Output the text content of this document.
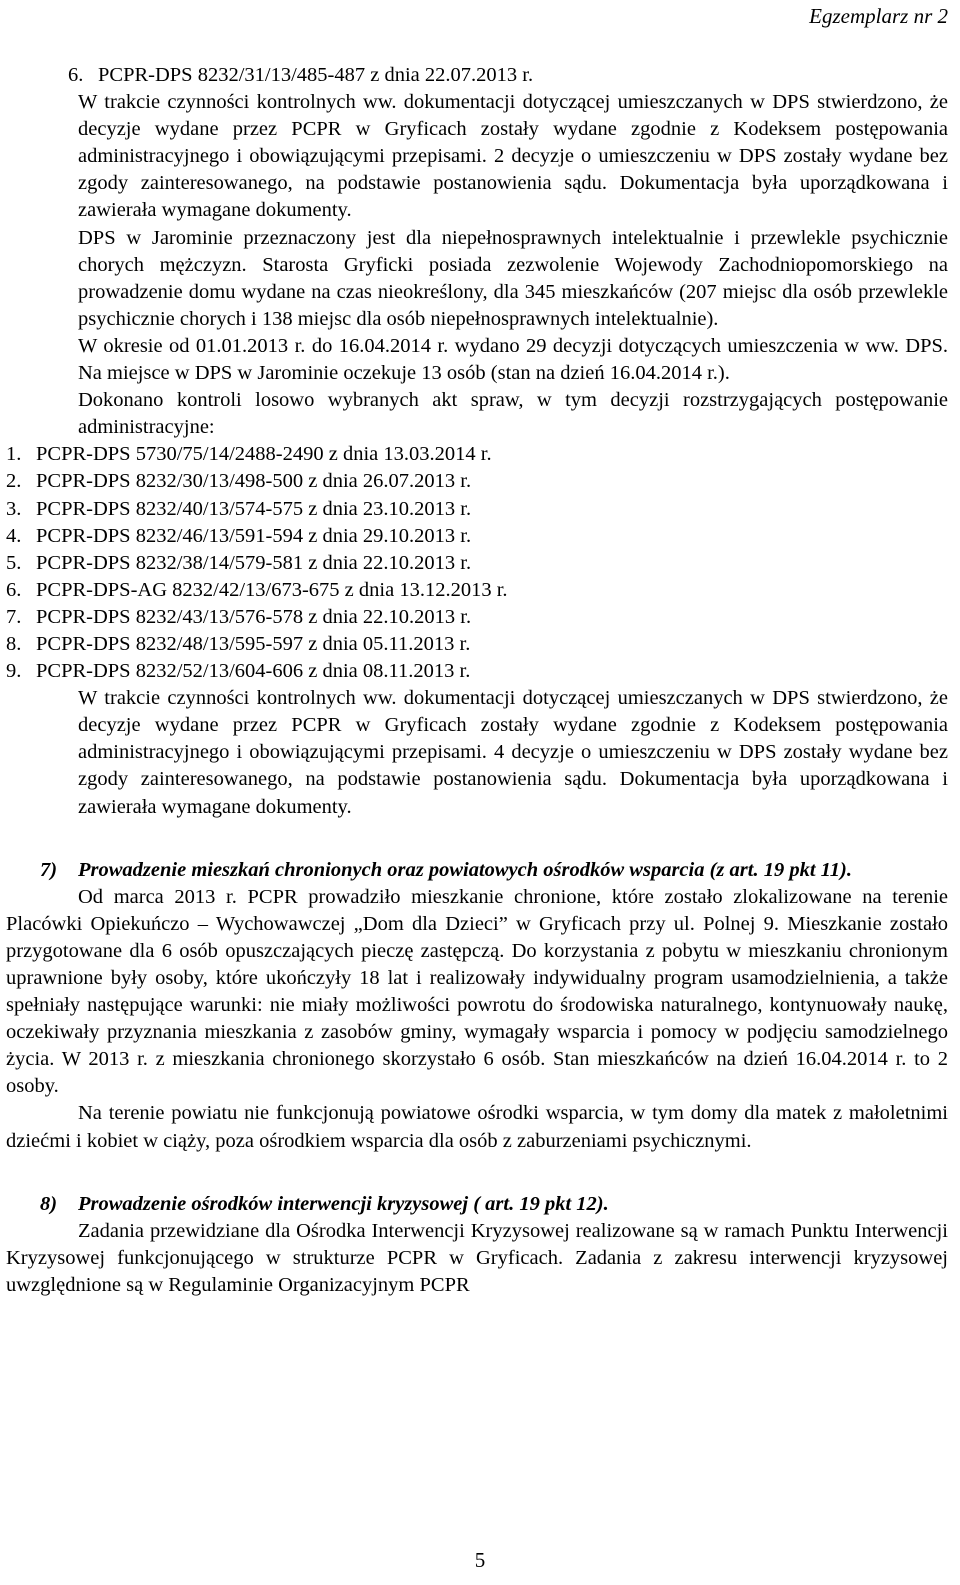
Egzemplarz nr 2
6. PCPR-DPS 8232/31/13/485-487 z dnia 22.07.2013 r.

W trakcie czynności kontrolnych ww. dokumentacji dotyczącej umieszczanych w DPS stwierdzono, że decyzje wydane przez PCPR w Gryficach zostały wydane zgodnie z Kodeksem postępowania administracyjnego i obowiązującymi przepisami. 2 decyzje o umieszczeniu w DPS zostały wydane bez zgody zainteresowanego, na podstawie postanowienia sądu. Dokumentacja była uporządkowana i zawierała wymagane dokumenty.

DPS w Jarominie przeznaczony jest dla niepełnosprawnych intelektualnie i przewlekle psychicznie chorych mężczyzn. Starosta Gryficki posiada zezwolenie Wojewody Zachodniopomorskiego na prowadzenie domu wydane na czas nieokreślony, dla 345 mieszkańców (207 miejsc dla osób przewlekle psychicznie chorych i 138 miejsc dla osób niepełnosprawnych intelektualnie).

W okresie od 01.01.2013 r. do 16.04.2014 r. wydano 29 decyzji dotyczących umieszczenia w ww. DPS. Na miejsce w DPS w Jarominie oczekuje 13 osób (stan na dzień 16.04.2014 r.).

Dokonano kontroli losowo wybranych akt spraw, w tym decyzji rozstrzygających postępowanie administracyjne:

1. PCPR-DPS 5730/75/14/2488-2490 z dnia 13.03.2014 r.
2. PCPR-DPS 8232/30/13/498-500 z dnia 26.07.2013 r.
3. PCPR-DPS 8232/40/13/574-575 z dnia 23.10.2013 r.
4. PCPR-DPS 8232/46/13/591-594 z dnia 29.10.2013 r.
5. PCPR-DPS 8232/38/14/579-581 z dnia 22.10.2013 r.
6. PCPR-DPS-AG 8232/42/13/673-675 z dnia 13.12.2013 r.
7. PCPR-DPS 8232/43/13/576-578 z dnia 22.10.2013 r.
8. PCPR-DPS 8232/48/13/595-597 z dnia 05.11.2013 r.
9. PCPR-DPS 8232/52/13/604-606 z dnia 08.11.2013 r.

W trakcie czynności kontrolnych ww. dokumentacji dotyczącej umieszczanych w DPS stwierdzono, że decyzje wydane przez PCPR w Gryficach zostały wydane zgodnie z Kodeksem postępowania administracyjnego i obowiązującymi przepisami. 4 decyzje o umieszczeniu w DPS zostały wydane bez zgody zainteresowanego, na podstawie postanowienia sądu. Dokumentacja była uporządkowana i zawierała wymagane dokumenty.

7)	Prowadzenie mieszkań chronionych oraz powiatowych ośrodków wsparcia (z art. 19 pkt 11).

Od marca 2013 r. PCPR prowadziło mieszkanie chronione, które zostało zlokalizowane na terenie Placówki Opiekuńczo – Wychowawczej „Dom dla Dzieci” w Gryficach przy ul. Polnej 9. Mieszkanie zostało przygotowane dla 6 osób opuszczających pieczę zastępczą. Do korzystania z pobytu w mieszkaniu chronionym uprawnione były osoby, które ukończyły 18 lat i realizowały indywidualny program usamodzielnienia, a także spełniały następujące warunki: nie miały możliwości powrotu do środowiska naturalnego, kontynuowały naukę, oczekiwały przyznania mieszkania z zasobów gminy, wymagały wsparcia i pomocy w podjęciu samodzielnego życia. W 2013 r. z mieszkania chronionego skorzystało 6 osób. Stan mieszkańców na dzień 16.04.2014 r. to 2 osoby.

Na terenie powiatu nie funkcjonują powiatowe ośrodki wsparcia, w tym domy dla matek z małoletnimi dziećmi i kobiet w ciąży, poza ośrodkiem wsparcia dla osób z zaburzeniami psychicznymi.

8)	Prowadzenie ośrodków interwencji kryzysowej ( art. 19 pkt 12).

Zadania przewidziane dla Ośrodka Interwencji Kryzysowej realizowane są w ramach Punktu Interwencji Kryzysowej funkcjonującego w strukturze PCPR w Gryficach. Zadania z zakresu interwencji kryzysowej uwzględnione są w Regulaminie Organizacyjnym PCPR

5
